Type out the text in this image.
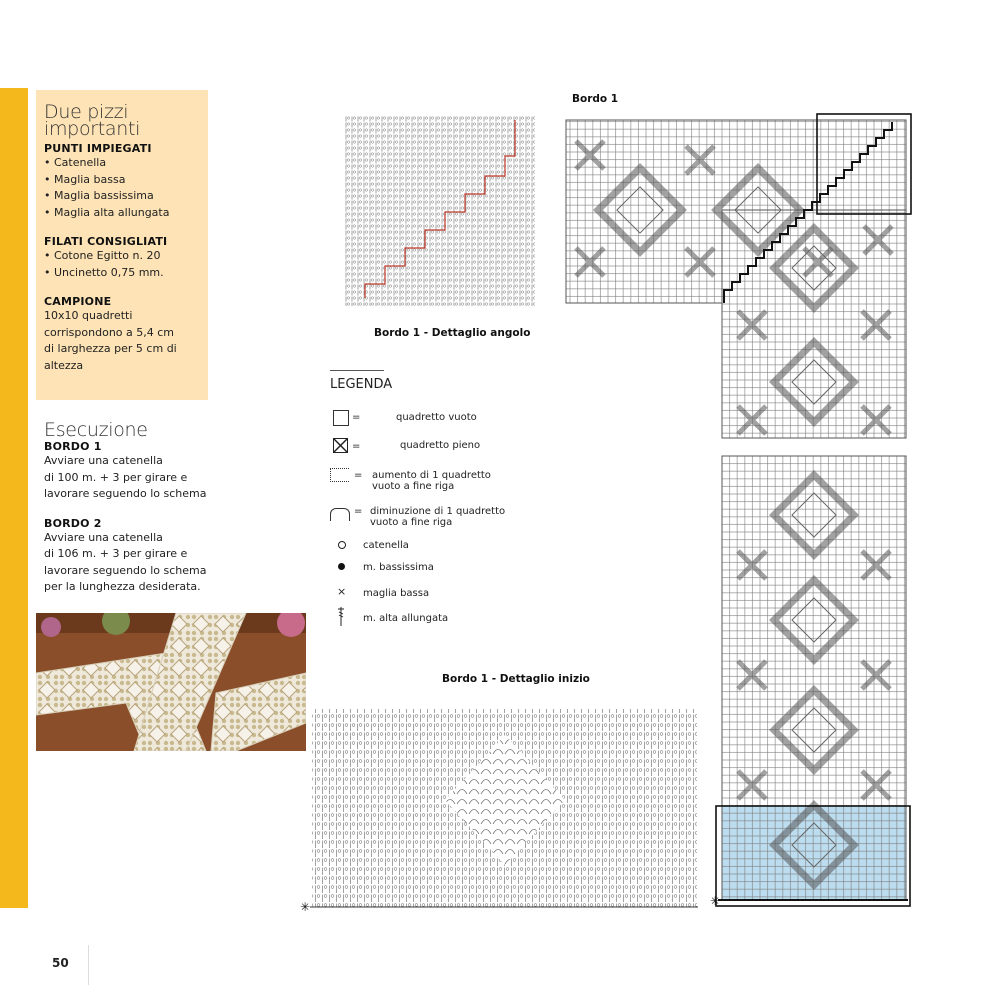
Due pizzi importanti
PUNTI IMPIEGATI
• Catenella
• Maglia bassa
• Maglia bassissima
• Maglia alta allungata
FILATI CONSIGLIATI
• Cotone Egitto n. 20
• Uncinetto 0,75 mm.
CAMPIONE
10x10 quadretti
corrispondono a 5,4 cm
di larghezza per 5 cm di
altezza
Esecuzione
BORDO 1
Avviare una catenella
di 100 m. + 3 per girare e
lavorare seguendo lo schema
BORDO 2
Avviare una catenella
di 106 m. + 3 per girare e
lavorare seguendo lo schema
per la lunghezza desiderata.
Bordo 1
✳
Bordo 1 - Dettaglio angolo
LEGENDA
=	quadretto vuoto
=	quadretto pieno
= aumento di 1 quadretto vuoto a fine riga
= diminuzione di 1 quadretto vuoto a fine riga
catenella
m. bassissima
× maglia bassa
m. alta allungata
Bordo 1 - Dettaglio inizio
✳
50
